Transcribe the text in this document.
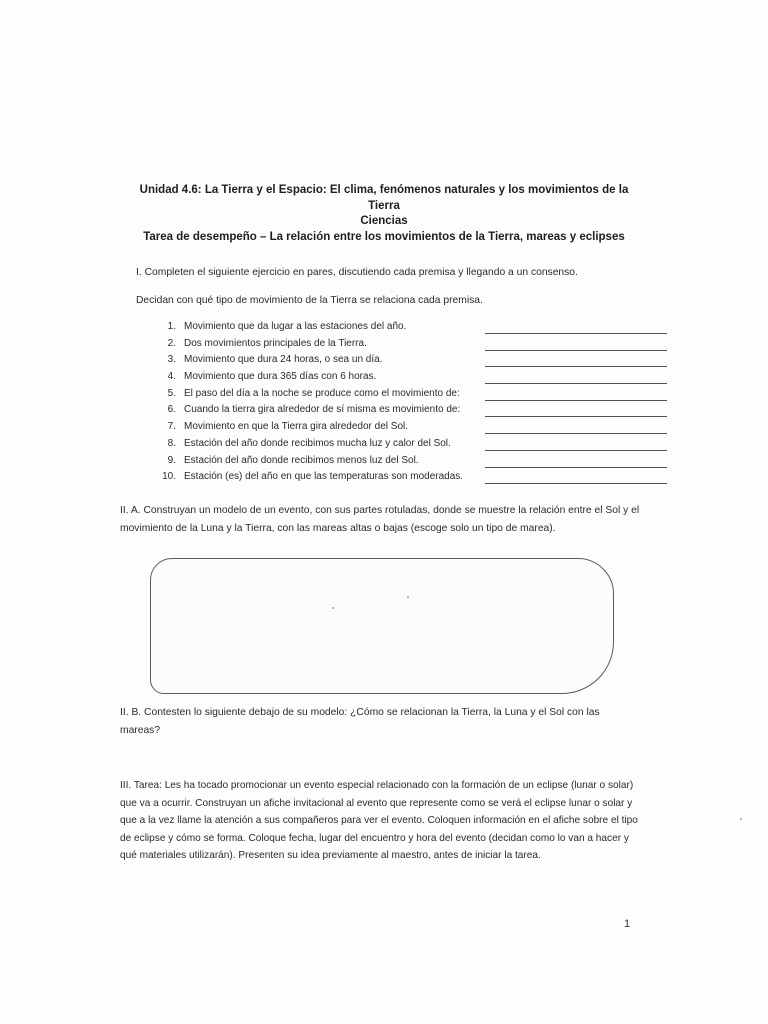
Unidad 4.6: La Tierra y el Espacio: El clima, fenómenos naturales y los movimientos de la
Tierra
Ciencias
Tarea de desempeño – La relación entre los movimientos de la Tierra, mareas y eclipses
I. Completen el siguiente ejercicio en pares, discutiendo cada premisa y llegando a un consenso.
Decidan con qué tipo de movimiento de la Tierra se relaciona cada premisa.
1. Movimiento que da lugar a las estaciones del año.
2. Dos movimientos principales de la Tierra.
3. Movimiento que dura 24 horas, o sea un día.
4. Movimiento que dura 365 días con 6 horas.
5. El paso del día a la noche se produce como el movimiento de:
6. Cuando la tierra gira alrededor de sí misma es movimiento de:
7. Movimiento en que la Tierra gira alrededor del Sol.
8. Estación del año donde recibimos mucha luz y calor del Sol.
9. Estación del año donde recibimos menos luz del Sol.
10. Estación (es) del año en que las temperaturas son moderadas.
II. A. Construyan un modelo de un evento, con sus partes rotuladas, donde se muestre la relación entre el Sol y el movimiento de la Luna y la Tierra, con las mareas altas o bajas (escoge solo un tipo de marea).
II. B. Contesten lo siguiente debajo de su modelo: ¿Cómo se relacionan la Tierra, la Luna y el Sol con las mareas?
III. Tarea: Les ha tocado promocionar un evento especial relacionado con la formación de un eclipse (lunar o solar) que va a ocurrir. Construyan un afiche invitacional al evento que represente como se verá el eclipse lunar o solar y que a la vez llame la atención a sus compañeros para ver el evento. Coloquen información en el afiche sobre el tipo de eclipse y cómo se forma. Coloque fecha, lugar del encuentro y hora del evento (decidan como lo van a hacer y qué materiales utilizarán). Presenten su idea previamente al maestro, antes de iniciar la tarea.
1
